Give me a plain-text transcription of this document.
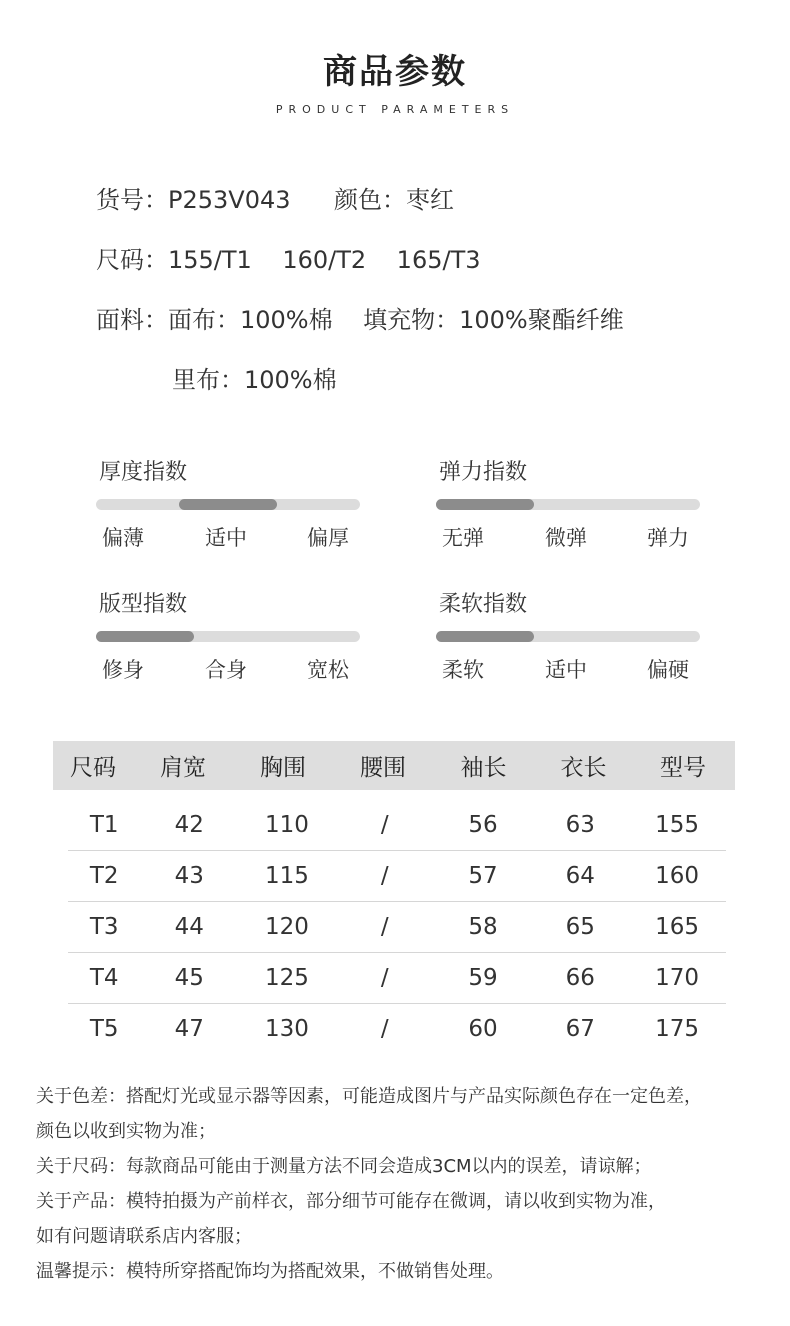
商品参数
PRODUCT PARAMETERS
货号：P253V043 颜色：枣红
尺码：155/T1    160/T2    165/T3
面料：面布：100%棉    填充物：100%聚酯纤维
里布：100%棉
厚度指数
偏薄	适中	偏厚
弹力指数
无弹	微弹	弹力
版型指数
修身	合身	宽松
柔软指数
柔软	适中	偏硬
尺码	肩宽	胸围	腰围	袖长	衣长	型号
T1	42	110	/	56	63	155
T2	43	115	/	57	64	160
T3	44	120	/	58	65	165
T4	45	125	/	59	66	170
T5	47	130	/	60	67	175
关于色差：搭配灯光或显示器等因素，可能造成图片与产品实际颜色存在一定色差，
颜色以收到实物为准；
关于尺码：每款商品可能由于测量方法不同会造成3CM以内的误差，请谅解；
关于产品：模特拍摄为产前样衣，部分细节可能存在微调，请以收到实物为准，
如有问题请联系店内客服；
温馨提示：模特所穿搭配饰均为搭配效果，不做销售处理。
